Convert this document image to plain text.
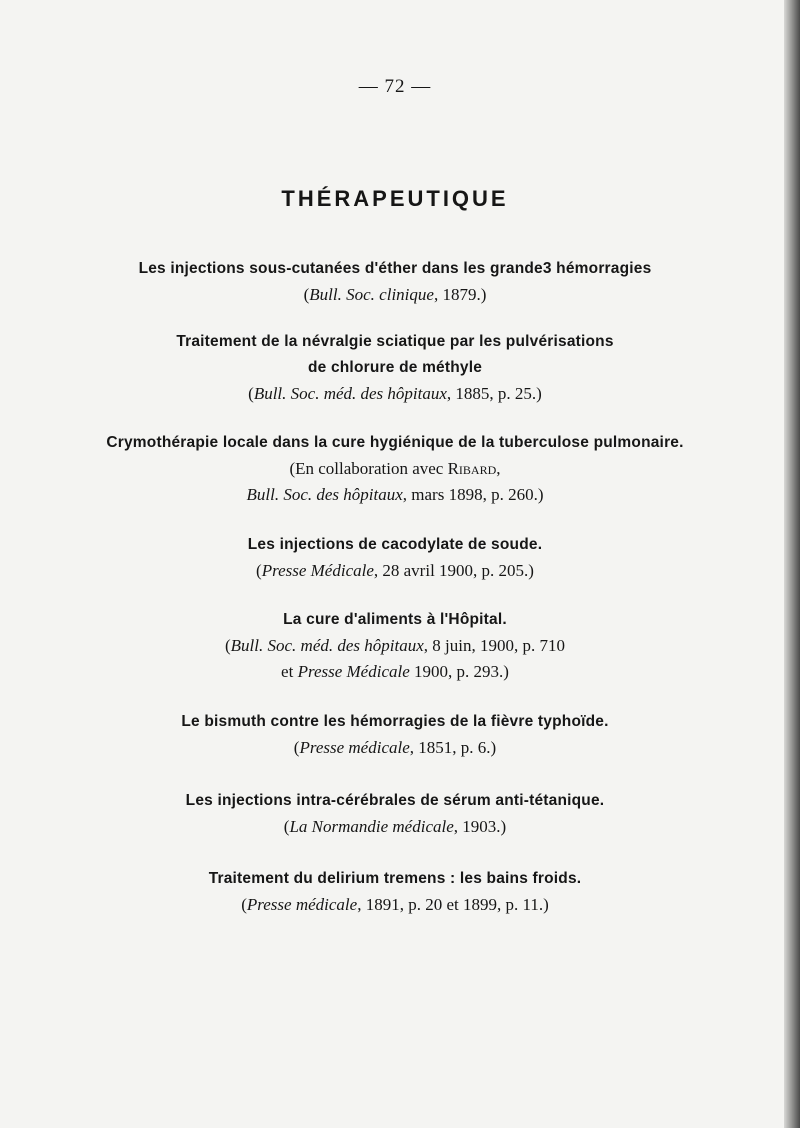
— 72 —
THÉRAPEUTIQUE
Les injections sous-cutanées d'éther dans les grande3 hémorragies
(Bull. Soc. clinique, 1879.)
Traitement de la névralgie sciatique par les pulvérisations
de chlorure de méthyle
(Bull. Soc. méd. des hôpitaux, 1885, p. 25.)
Crymothérapie locale dans la cure hygiénique de la tuberculose pulmonaire.
(En collaboration avec Ribard,
Bull. Soc. des hôpitaux, mars 1898, p. 260.)
Les injections de cacodylate de soude.
(Presse Médicale, 28 avril 1900, p. 205.)
La cure d'aliments à l'Hôpital.
(Bull. Soc. méd. des hôpitaux, 8 juin, 1900, p. 710
et Presse Médicale 1900, p. 293.)
Le bismuth contre les hémorragies de la fièvre typhoïde.
(Presse médicale, 1851, p. 6.)
Les injections intra-cérébrales de sérum anti-tétanique.
(La Normandie médicale, 1903.)
Traitement du delirium tremens : les bains froids.
(Presse médicale, 1891, p. 20 et 1899, p. 11.)
